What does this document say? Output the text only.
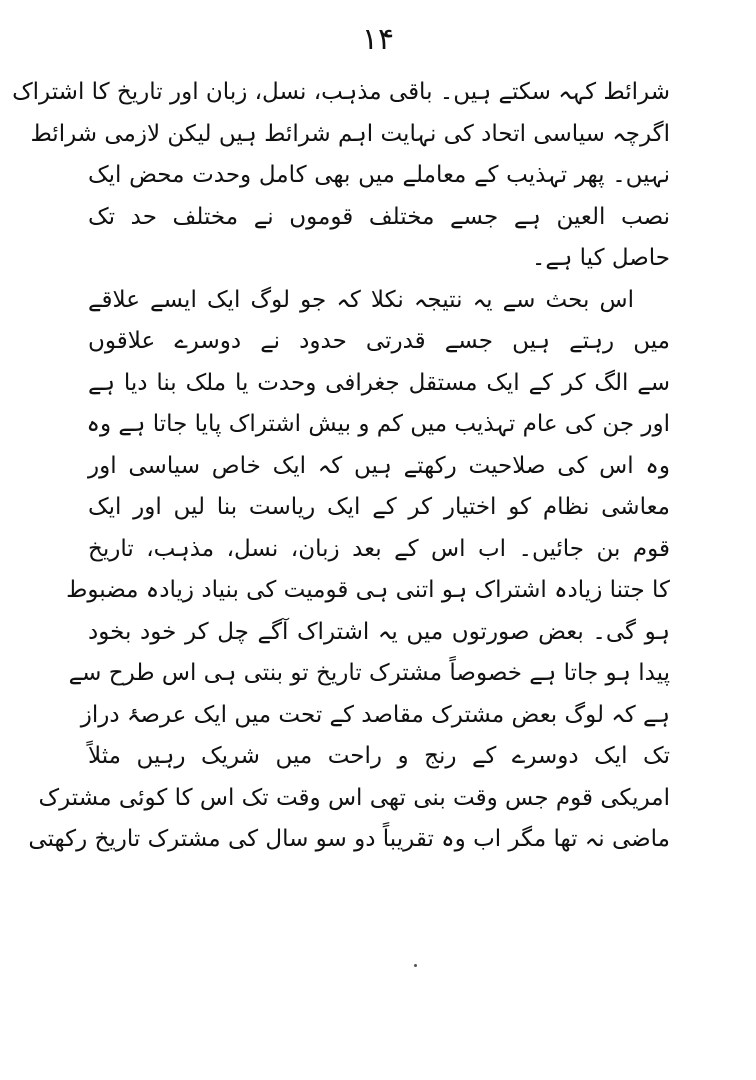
۱۴
شرائط کہہ سکتے ہیں۔ باقی مذہب، نسل، زبان اور تاریخ کا اشتراک
اگرچہ سیاسی اتحاد کی نہایت اہم شرائط ہیں لیکن لازمی شرائط
نہیں۔ پھر تہذیب کے معاملے میں بھی کامل وحدت محض ایک
نصب العین ہے جسے مختلف قوموں نے مختلف حد تک
حاصل کیا ہے۔
اس بحث سے یہ نتیجہ نکلا کہ جو لوگ ایک ایسے علاقے
میں رہتے ہیں جسے قدرتی حدود نے دوسرے علاقوں
سے الگ کر کے ایک مستقل جغرافی وحدت یا ملک بنا دیا ہے
اور جن کی عام تہذیب میں کم و بیش اشتراک پایا جاتا ہے وہ
وہ اس کی صلاحیت رکھتے ہیں کہ ایک خاص سیاسی اور
معاشی نظام کو اختیار کر کے ایک ریاست بنا لیں اور ایک
قوم بن جائیں۔ اب اس کے بعد زبان، نسل، مذہب، تاریخ
کا جتنا زیادہ اشتراک ہو اتنی ہی قومیت کی بنیاد زیادہ مضبوط
ہو گی۔ بعض صورتوں میں یہ اشتراک آگے چل کر خود بخود
پیدا ہو جاتا ہے خصوصاً مشترک تاریخ تو بنتی ہی اس طرح سے
ہے کہ لوگ بعض مشترک مقاصد کے تحت میں ایک عرصۂ دراز
تک ایک دوسرے کے رنج و راحت میں شریک رہیں مثلاً
امریکی قوم جس وقت بنی تھی اس وقت تک اس کا کوئی مشترک
ماضی نہ تھا مگر اب وہ تقریباً دو سو سال کی مشترک تاریخ رکھتی
